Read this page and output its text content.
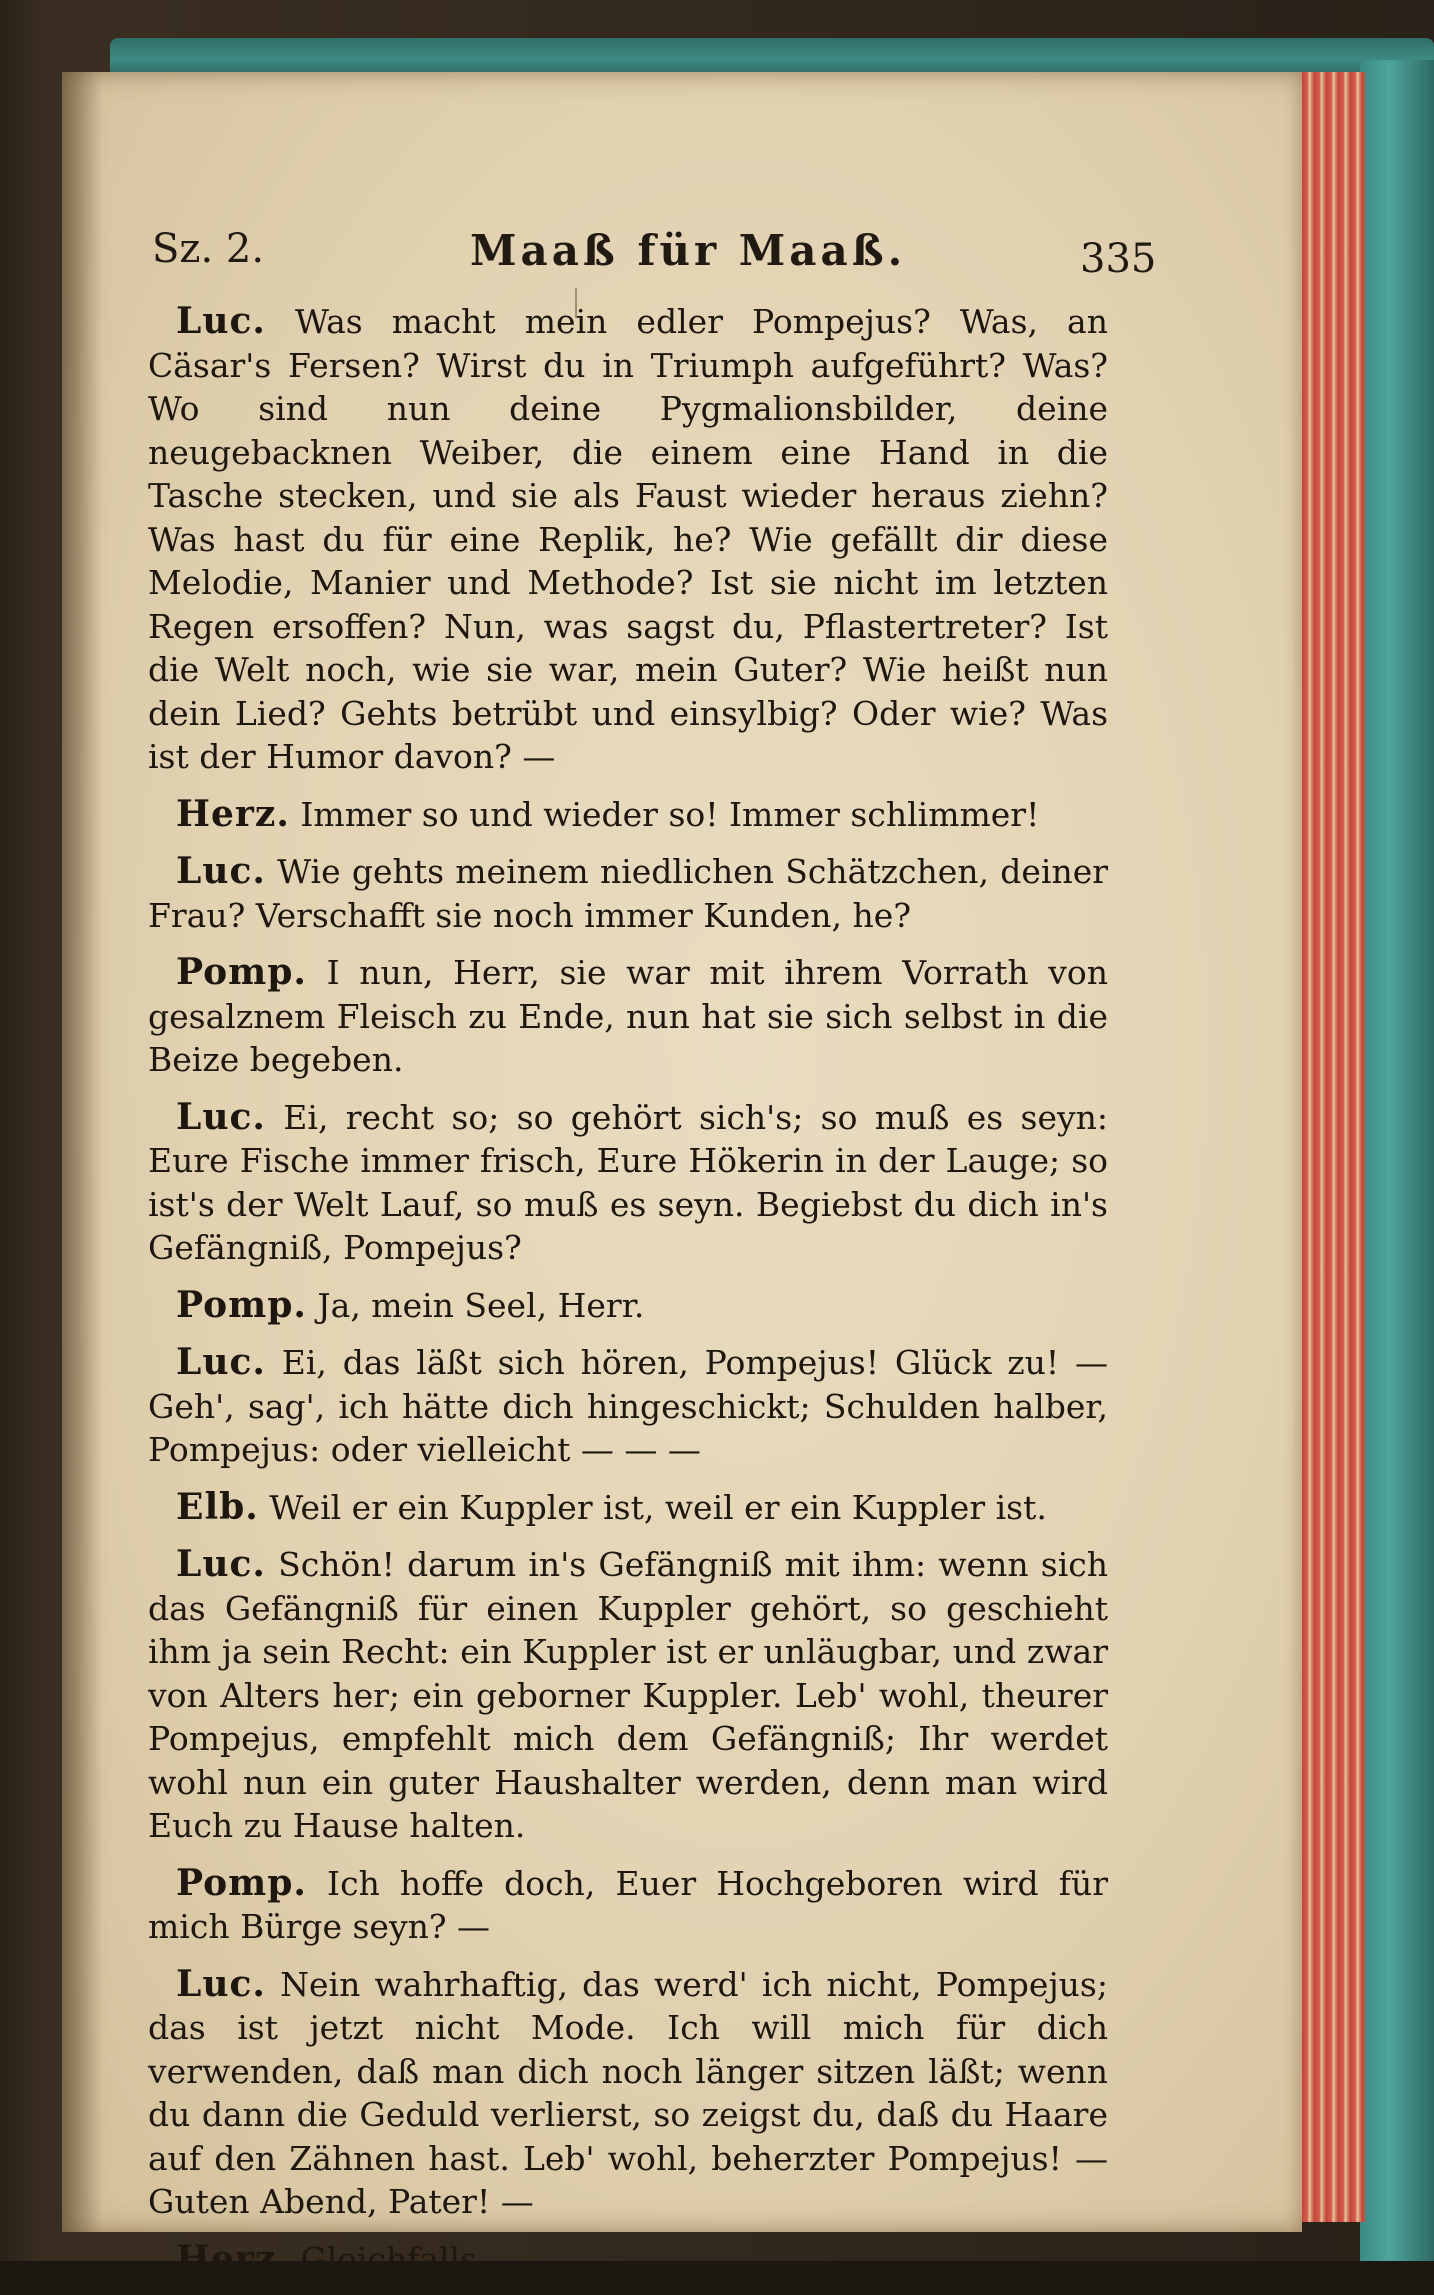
Sz. 2.	Maaß für Maaß.	335

Luc. Was macht mein edler Pompejus? Was, an Cäsar's Fersen? Wirst du in Triumph aufgeführt? Was? Wo sind nun deine Pygmalionsbilder, deine neugebacknen Weiber, die einem eine Hand in die Tasche stecken, und sie als Faust wieder heraus ziehn? Was hast du für eine Replik, he? Wie gefällt dir diese Melodie, Manier und Methode? Ist sie nicht im letzten Regen ersoffen? Nun, was sagst du, Pflastertreter? Ist die Welt noch, wie sie war, mein Guter? Wie heißt nun dein Lied? Gehts betrübt und einsylbig? Oder wie? Was ist der Humor davon? —

Herz. Immer so und wieder so! Immer schlimmer!

Luc. Wie gehts meinem niedlichen Schätzchen, deiner Frau? Verschafft sie noch immer Kunden, he?

Pomp. I nun, Herr, sie war mit ihrem Vorrath von gesalznem Fleisch zu Ende, nun hat sie sich selbst in die Beize begeben.

Luc. Ei, recht so; so gehört sich's; so muß es seyn: Eure Fische immer frisch, Eure Hökerin in der Lauge; so ist's der Welt Lauf, so muß es seyn. Begiebst du dich in's Gefängniß, Pompejus?

Pomp. Ja, mein Seel, Herr.

Luc. Ei, das läßt sich hören, Pompejus! Glück zu! — Geh', sag', ich hätte dich hingeschickt; Schulden halber, Pompejus: oder vielleicht — — —

Elb. Weil er ein Kuppler ist, weil er ein Kuppler ist.

Luc. Schön! darum in's Gefängniß mit ihm: wenn sich das Gefängniß für einen Kuppler gehört, so geschieht ihm ja sein Recht: ein Kuppler ist er unläugbar, und zwar von Alters her; ein geborner Kuppler. Leb' wohl, theurer Pompejus, empfehlt mich dem Gefängniß; Ihr werdet wohl nun ein guter Haushalter werden, denn man wird Euch zu Hause halten.

Pomp. Ich hoffe doch, Euer Hochgeboren wird für mich Bürge seyn? —

Luc. Nein wahrhaftig, das werd' ich nicht, Pompejus; das ist jetzt nicht Mode. Ich will mich für dich verwenden, daß man dich noch länger sitzen läßt; wenn du dann die Geduld verlierst, so zeigst du, daß du Haare auf den Zähnen hast. Leb' wohl, beherzter Pompejus! — Guten Abend, Pater! —

Herz. Gleichfalls.
